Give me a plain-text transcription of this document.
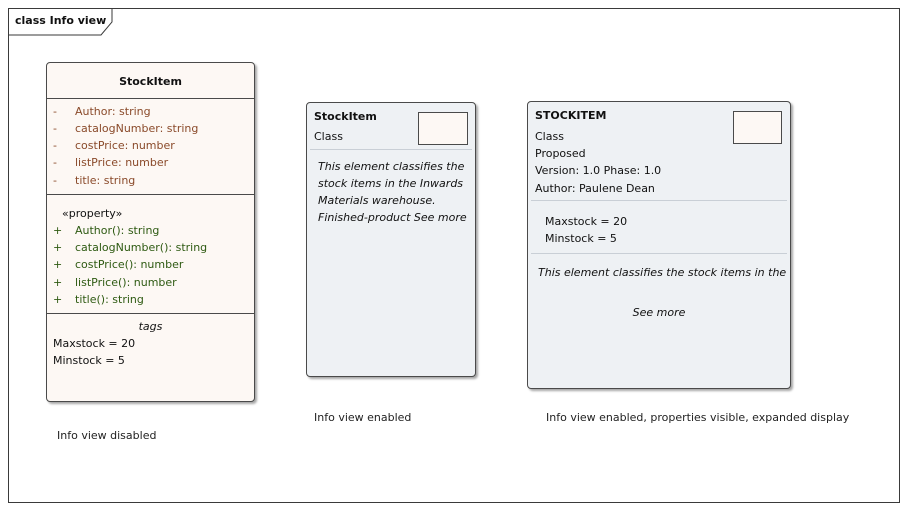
class Info view
StockItem
- Author: string
- catalogNumber: string
- costPrice: number
- listPrice: number
- title: string
«property»
+ Author(): string
+ catalogNumber(): string
+ costPrice(): number
+ listPrice(): number
+ title(): string
tags
Maxstock = 20
Minstock = 5
Info view disabled
StockItem
Class
This element classifies the
stock items in the Inwards
Materials warehouse.
Finished-product See more
Info view enabled
STOCKITEM
Class
Proposed
Version: 1.0 Phase: 1.0
Author: Paulene Dean
Maxstock = 20
Minstock = 5
This element classifies the stock items in the
See more
Info view enabled, properties visible, expanded display
